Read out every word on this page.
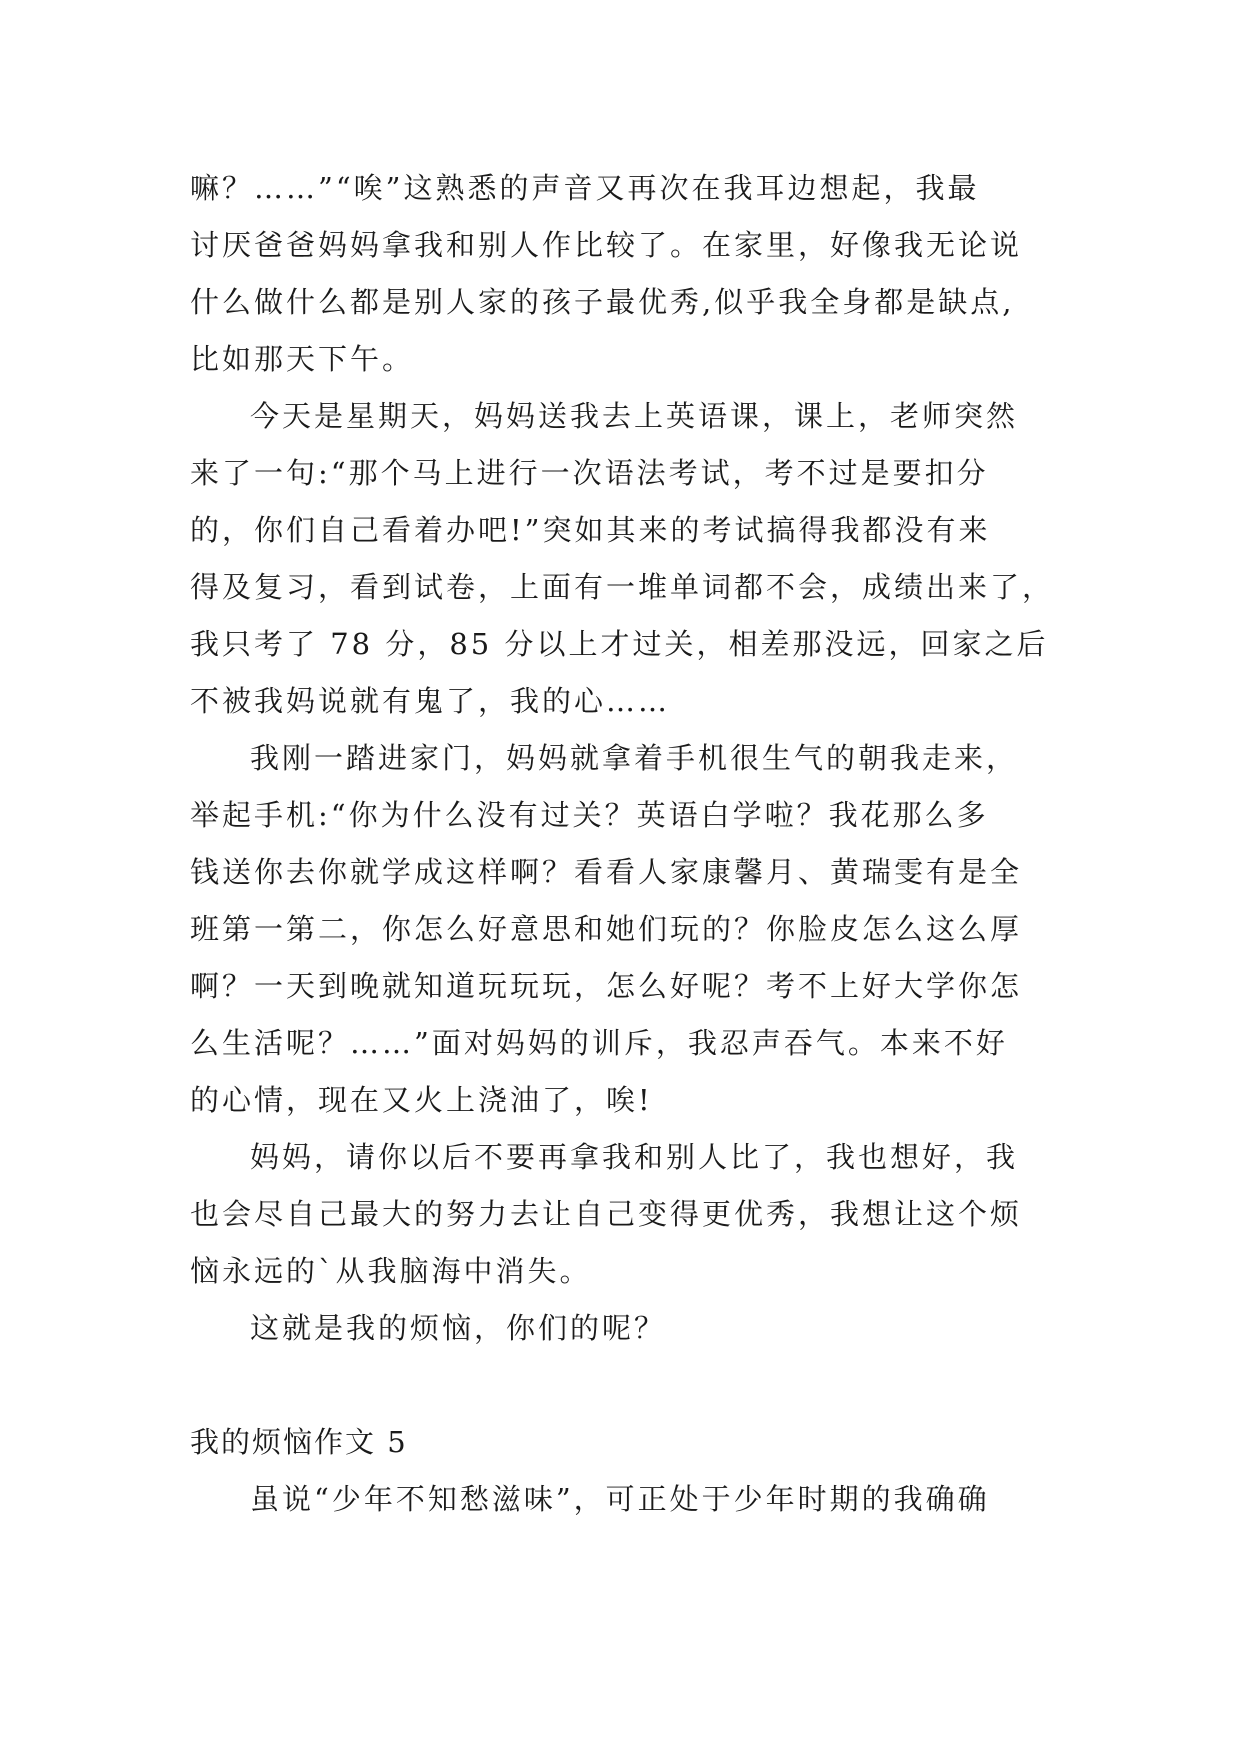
嘛？……”“唉”这熟悉的声音又再次在我耳边想起，我最
讨厌爸爸妈妈拿我和别人作比较了。在家里，好像我无论说
什么做什么都是别人家的孩子最优秀,似乎我全身都是缺点,
比如那天下午。
今天是星期天，妈妈送我去上英语课，课上，老师突然
来了一句:“那个马上进行一次语法考试，考不过是要扣分
的，你们自己看着办吧!”突如其来的考试搞得我都没有来
得及复习，看到试卷，上面有一堆单词都不会，成绩出来了，
我只考了 78 分，85 分以上才过关，相差那没远，回家之后
不被我妈说就有鬼了，我的心……
我刚一踏进家门，妈妈就拿着手机很生气的朝我走来，
举起手机:“你为什么没有过关？英语白学啦？我花那么多
钱送你去你就学成这样啊？看看人家康馨月、黄瑞雯有是全
班第一第二，你怎么好意思和她们玩的？你脸皮怎么这么厚
啊？一天到晚就知道玩玩玩，怎么好呢？考不上好大学你怎
么生活呢？……”面对妈妈的训斥，我忍声吞气。本来不好
的心情，现在又火上浇油了，唉!
妈妈，请你以后不要再拿我和别人比了，我也想好，我
也会尽自己最大的努力去让自己变得更优秀，我想让这个烦
恼永远的`从我脑海中消失。
这就是我的烦恼，你们的呢？
我的烦恼作文 5
虽说“少年不知愁滋味”，可正处于少年时期的我确确
